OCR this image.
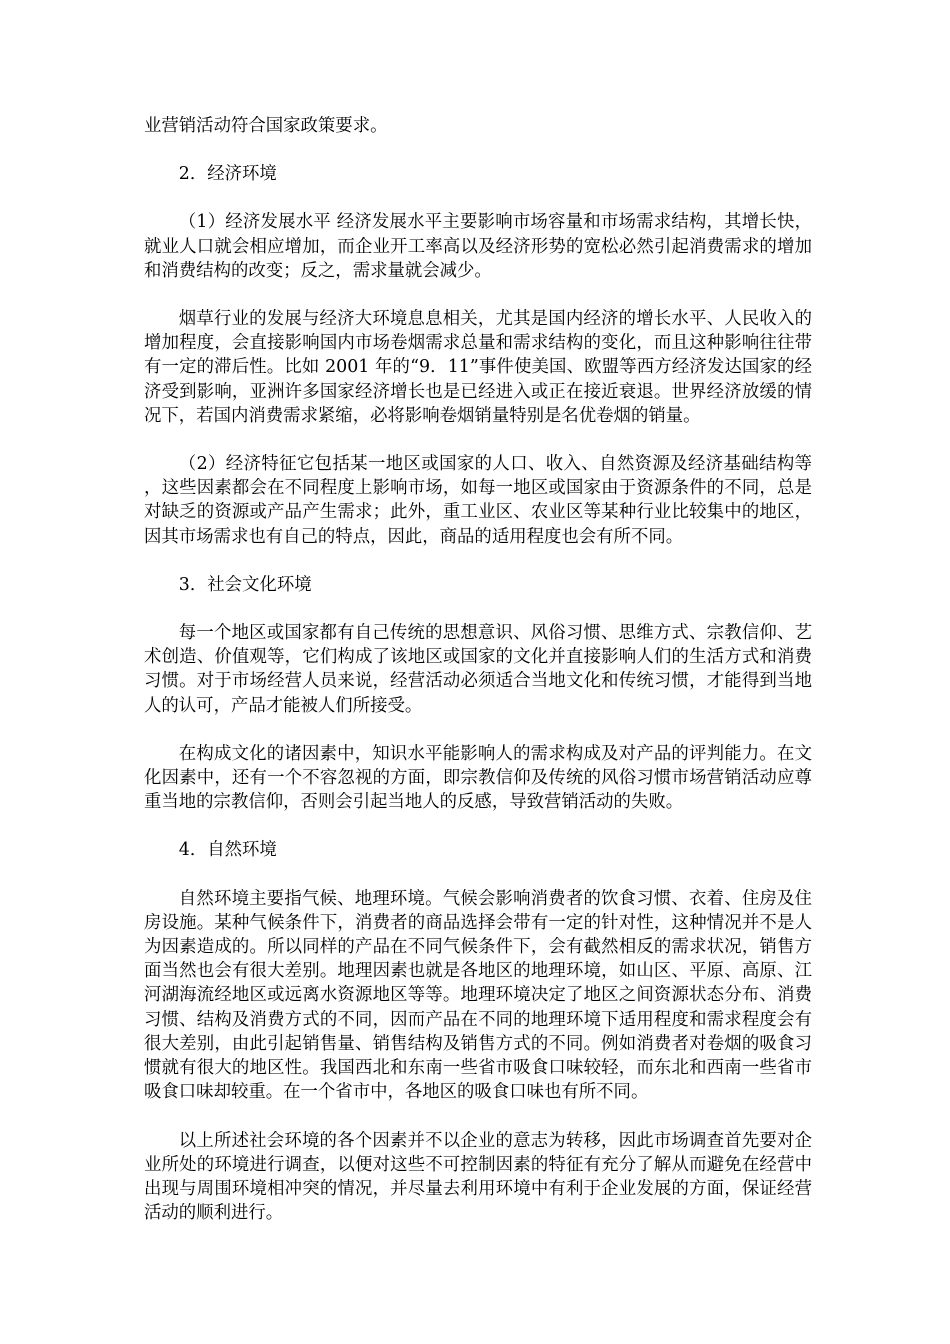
业营销活动符合国家政策要求。

2．经济环境

（1）经济发展水平 经济发展水平主要影响市场容量和市场需求结构，其增长快，就业人口就会相应增加，而企业开工率高以及经济形势的宽松必然引起消费需求的增加和消费结构的改变；反之，需求量就会减少。

烟草行业的发展与经济大环境息息相关，尤其是国内经济的增长水平、人民收入的增加程度，会直接影响国内市场卷烟需求总量和需求结构的变化，而且这种影响往往带有一定的滞后性。比如 2001 年的“9．11”事件使美国、欧盟等西方经济发达国家的经济受到影响，亚洲许多国家经济增长也是已经进入或正在接近衰退。世界经济放缓的情况下，若国内消费需求紧缩，必将影响卷烟销量特别是名优卷烟的销量。

（2）经济特征它包括某一地区或国家的人口、收入、自然资源及经济基础结构等，这些因素都会在不同程度上影响市场，如每一地区或国家由于资源条件的不同，总是对缺乏的资源或产品产生需求；此外，重工业区、农业区等某种行业比较集中的地区，因其市场需求也有自己的特点，因此，商品的适用程度也会有所不同。

3．社会文化环境

每一个地区或国家都有自己传统的思想意识、风俗习惯、思维方式、宗教信仰、艺术创造、价值观等，它们构成了该地区或国家的文化并直接影响人们的生活方式和消费习惯。对于市场经营人员来说，经营活动必须适合当地文化和传统习惯，才能得到当地人的认可，产品才能被人们所接受。

在构成文化的诸因素中，知识水平能影响人的需求构成及对产品的评判能力。在文化因素中，还有一个不容忽视的方面，即宗教信仰及传统的风俗习惯市场营销活动应尊重当地的宗教信仰，否则会引起当地人的反感，导致营销活动的失败。

4．自然环境

自然环境主要指气候、地理环境。气候会影响消费者的饮食习惯、衣着、住房及住房设施。某种气候条件下，消费者的商品选择会带有一定的针对性，这种情况并不是人为因素造成的。所以同样的产品在不同气候条件下，会有截然相反的需求状况，销售方面当然也会有很大差别。地理因素也就是各地区的地理环境，如山区、平原、高原、江河湖海流经地区或远离水资源地区等等。地理环境决定了地区之间资源状态分布、消费习惯、结构及消费方式的不同，因而产品在不同的地理环境下适用程度和需求程度会有很大差别，由此引起销售量、销售结构及销售方式的不同。例如消费者对卷烟的吸食习惯就有很大的地区性。我国西北和东南一些省市吸食口味较轻，而东北和西南一些省市吸食口味却较重。在一个省市中，各地区的吸食口味也有所不同。

以上所述社会环境的各个因素并不以企业的意志为转移，因此市场调查首先要对企业所处的环境进行调查，以便对这些不可控制因素的特征有充分了解从而避免在经营中出现与周围环境相冲突的情况，并尽量去利用环境中有利于企业发展的方面，保证经营活动的顺利进行。
